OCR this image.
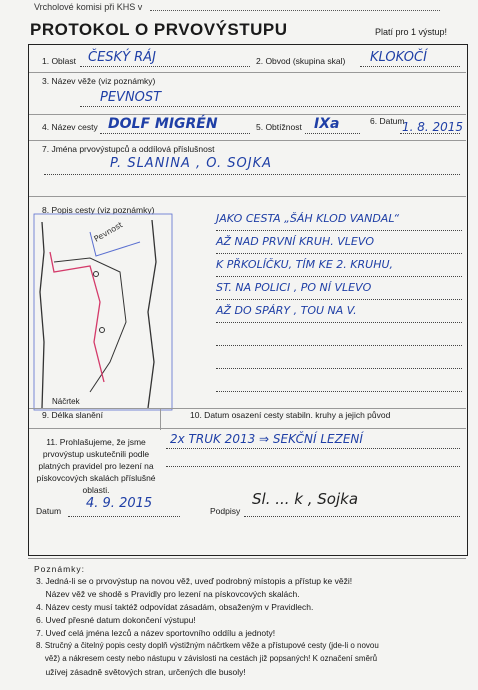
Vrcholové komisi při KHS v
PROTOKOL O PRVOVÝSTUPU	Platí pro 1 výstup!
1. Oblast ČESKÝ RÁJ	2. Obvod (skupina skal) KLOKOČÍ
3. Název věže (viz poznámky)
PEVNOST
4. Název cesty DOLF MIGRÉN	5. Obtížnost IXa	6. Datum
1. 8. 2015
7. Jména prvovýstupců a oddílová příslušnost
P. SLANINA , O. SOJKA
8. Popis cesty (viz poznámky)
Pevnost
Náčrtek
JAKO CESTA „ŠÁH KLOD VANDAL“
AŽ NAD PRVNÍ KRUH. VLEVO
K PŘKOLÍČKU, TÍM KE 2. KRUHU,
ST. NA POLICI , PO NÍ VLEVO
AŽ DO SPÁRY , TOU NA V.
9. Délka slanění	10. Datum osazení cesty stabiln. kruhy a jejich původ
2x TRUK 2013 ⇒ SEKČNÍ LEZENÍ
11. Prohlašujeme, že jsme prvovýstup uskutečnili podle platných pravidel pro lezení na pískovcových skalách příslušné oblasti.
Datum 4. 9. 2015	Podpisy
Sl. ... k , Sojka
Poznámky:
3. Jedná-li se o prvovýstup na novou věž, uveď podrobný místopis a přístup ke věži!
Název věž ve shodě s Pravidly pro lezení na pískovcových skalách.
4. Název cesty musí taktéž odpovídat zásadám, obsaženým v Pravidlech.
6. Uveď přesné datum dokončení výstupu!
7. Uveď celá jména lezců a název sportovního oddílu a jednoty!
8. Stručný a čitelný popis cesty doplň výstižným náčrtkem věže a přístupové cesty (jde-li o novou
věž) a nákresem cesty nebo nástupu v závislosti na cestách již popsaných! K označení směrů
užívej zásadně světových stran, určených dle busoly!
